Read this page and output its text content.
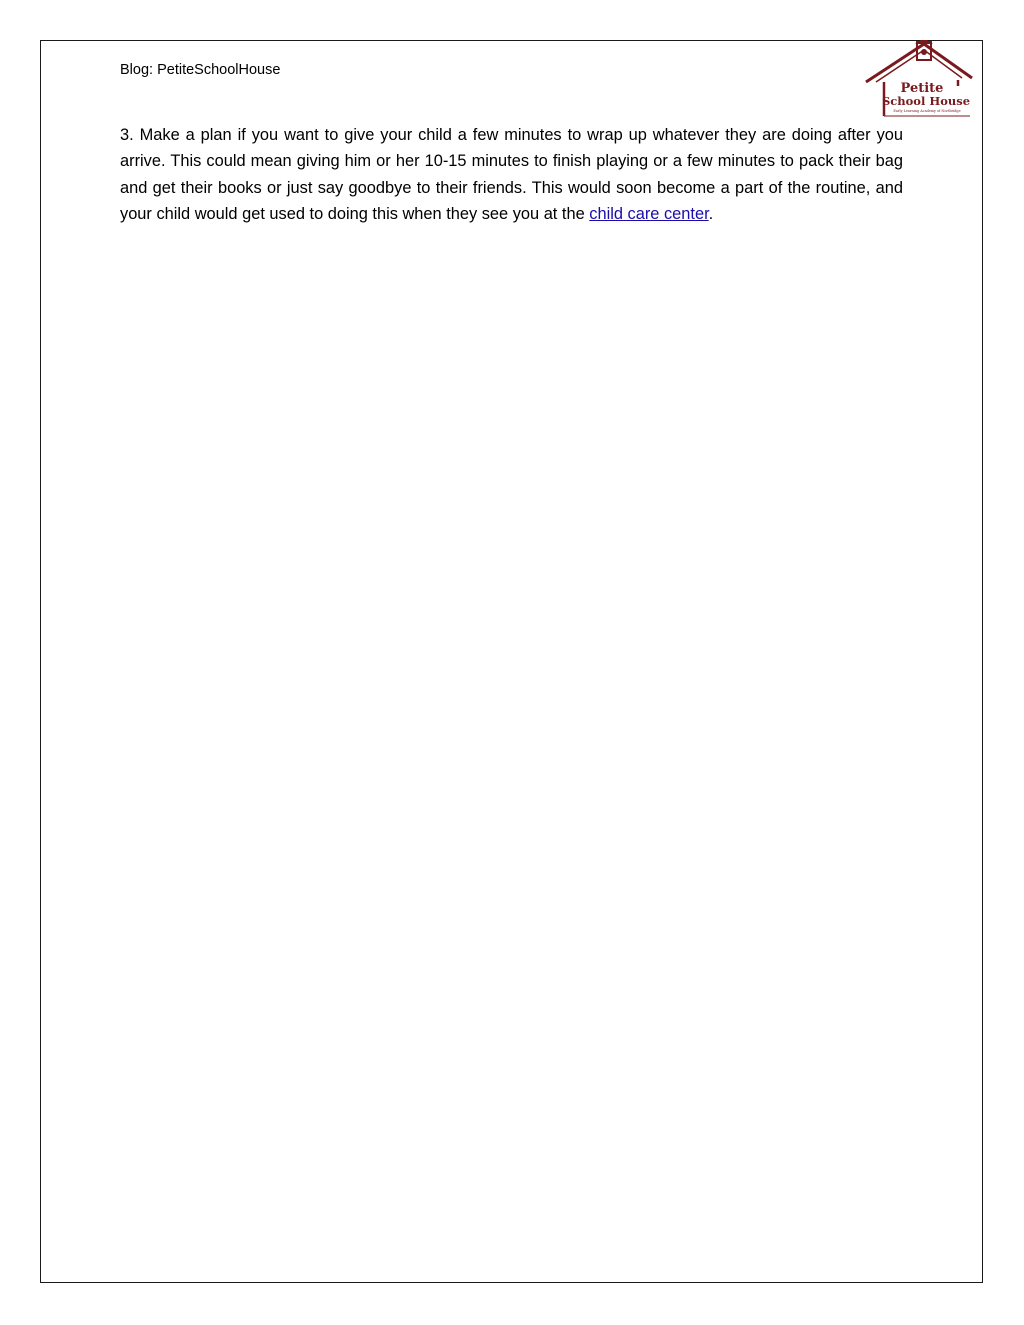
Blog: PetiteSchoolHouse
Petite
School House
Early Learning Academy of Northridge
3. Make a plan if you want to give your child a few minutes to wrap up whatever they are doing after you arrive. This could mean giving him or her 10-15 minutes to finish playing or a few minutes to pack their bag and get their books or just say goodbye to their friends. This would soon become a part of the routine, and your child would get used to doing this when they see you at the child care center.
